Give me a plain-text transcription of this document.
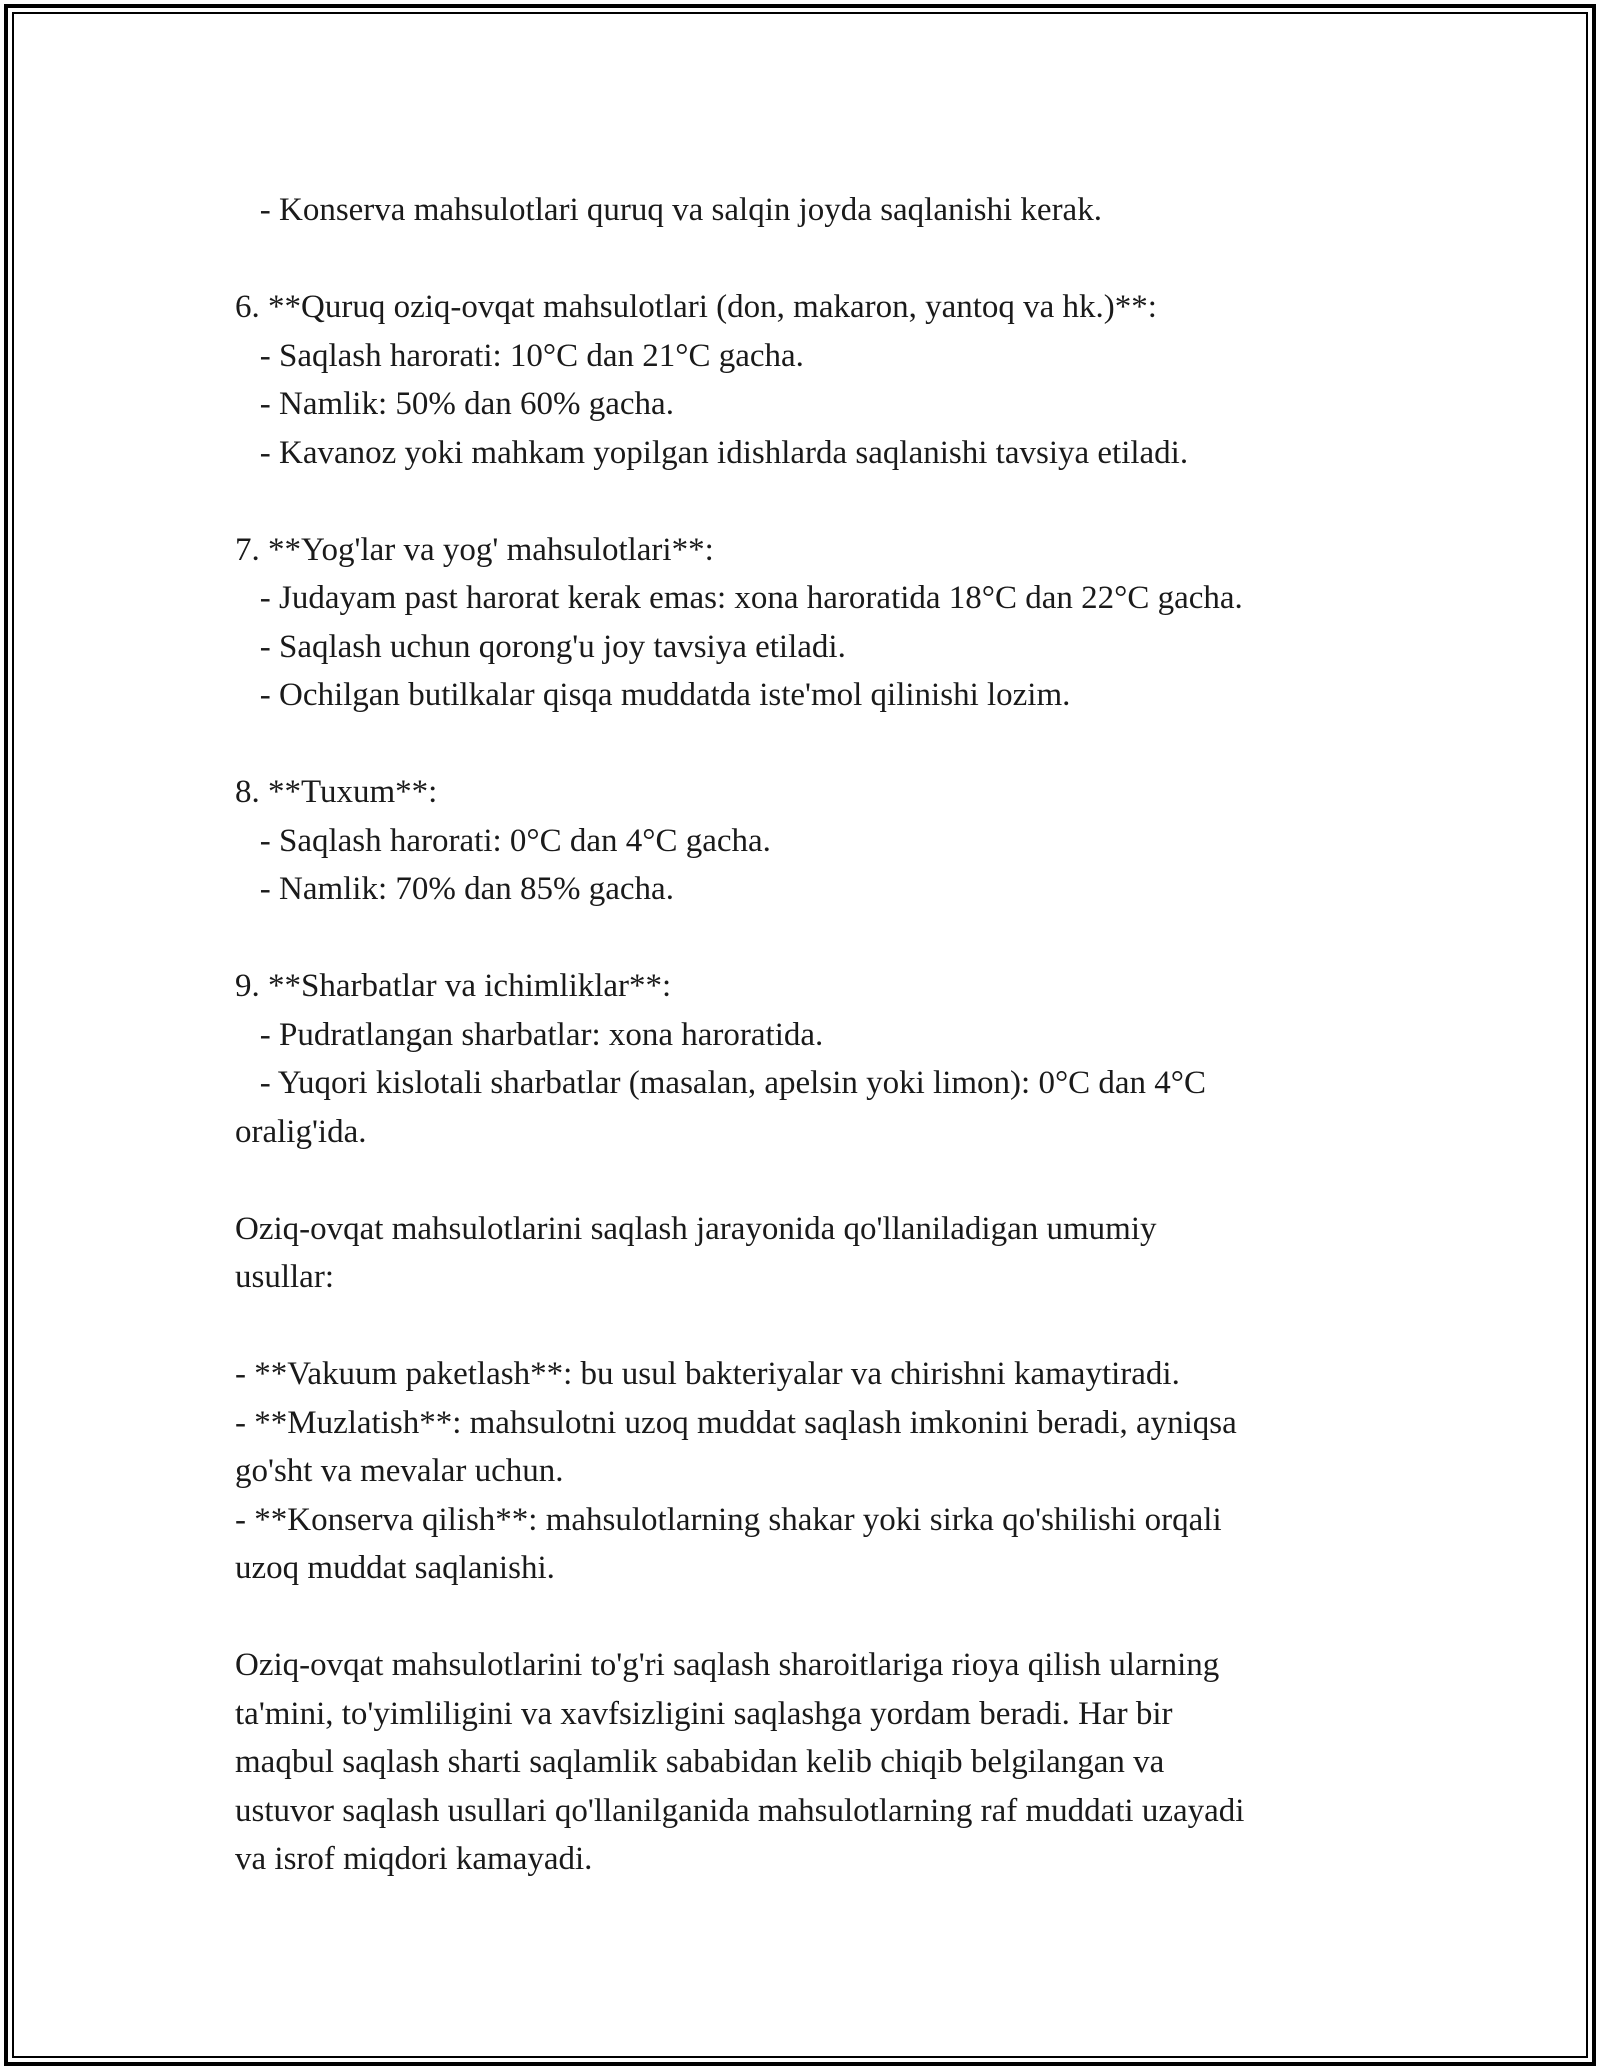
- Konserva mahsulotlari quruq va salqin joyda saqlanishi kerak.
6. **Quruq oziq-ovqat mahsulotlari (don, makaron, yantoq va hk.)**:
- Saqlash harorati: 10°C dan 21°C gacha.
- Namlik: 50% dan 60% gacha.
- Kavanoz yoki mahkam yopilgan idishlarda saqlanishi tavsiya etiladi.
7. **Yog'lar va yog' mahsulotlari**:
- Judayam past harorat kerak emas: xona haroratida 18°C dan 22°C gacha.
- Saqlash uchun qorong'u joy tavsiya etiladi.
- Ochilgan butilkalar qisqa muddatda iste'mol qilinishi lozim.
8. **Tuxum**:
- Saqlash harorati: 0°C dan 4°C gacha.
- Namlik: 70% dan 85% gacha.
9. **Sharbatlar va ichimliklar**:
- Pudratlangan sharbatlar: xona haroratida.
- Yuqori kislotali sharbatlar (masalan, apelsin yoki limon): 0°C dan 4°C
oralig'ida.
Oziq-ovqat mahsulotlarini saqlash jarayonida qo'llaniladigan umumiy
usullar:
- **Vakuum paketlash**: bu usul bakteriyalar va chirishni kamaytiradi.
- **Muzlatish**: mahsulotni uzoq muddat saqlash imkonini beradi, ayniqsa
go'sht va mevalar uchun.
- **Konserva qilish**: mahsulotlarning shakar yoki sirka qo'shilishi orqali
uzoq muddat saqlanishi.
Oziq-ovqat mahsulotlarini to'g'ri saqlash sharoitlariga rioya qilish ularning
ta'mini, to'yimliligini va xavfsizligini saqlashga yordam beradi. Har bir
maqbul saqlash sharti saqlamlik sababidan kelib chiqib belgilangan va
ustuvor saqlash usullari qo'llanilganida mahsulotlarning raf muddati uzayadi
va isrof miqdori kamayadi.
